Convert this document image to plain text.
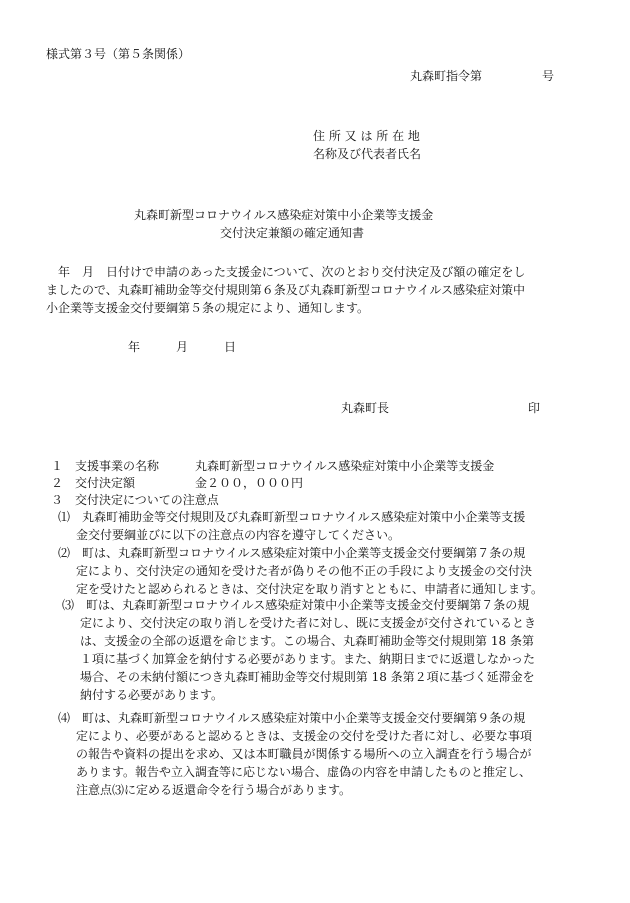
様式第３号（第５条関係）
丸森町指令第　　　　　号
住 所 又 は 所 在 地
名称及び代表者氏名
丸森町新型コロナウイルス感染症対策中小企業等支援金
交付決定兼額の確定通知書
　年　月　日付けで申請のあった支援金について、次のとおり交付決定及び額の確定をし
ましたので、丸森町補助金等交付規則第６条及び丸森町新型コロナウイルス感染症対策中
小企業等支援金交付要綱第５条の規定により、通知します。
年　　　月　　　日
丸森町長	印
１ 支援事業の名称	丸森町新型コロナウイルス感染症対策中小企業等支援金
２ 交付決定額	金２００，０００円
３ 交付決定についての注意点
⑴　丸森町補助金等交付規則及び丸森町新型コロナウイルス感染症対策中小企業等支援
金交付要綱並びに以下の注意点の内容を遵守してください。
⑵　町は、丸森町新型コロナウイルス感染症対策中小企業等支援金交付要綱第７条の規
定により、交付決定の通知を受けた者が偽りその他不正の手段により支援金の交付決
定を受けたと認められるときは、交付決定を取り消すとともに、申請者に通知します。
⑶　町は、丸森町新型コロナウイルス感染症対策中小企業等支援金交付要綱第７条の規
定により、交付決定の取り消しを受けた者に対し、既に支援金が交付されているとき
は、支援金の全部の返還を命じます。この場合、丸森町補助金等交付規則第 18 条第
１項に基づく加算金を納付する必要があります。また、納期日までに返還しなかった
場合、その未納付額につき丸森町補助金等交付規則第 18 条第２項に基づく延滞金を
納付する必要があります。
⑷　町は、丸森町新型コロナウイルス感染症対策中小企業等支援金交付要綱第９条の規
定により、必要があると認めるときは、支援金の交付を受けた者に対し、必要な事項
の報告や資料の提出を求め、又は本町職員が関係する場所への立入調査を行う場合が
あります。報告や立入調査等に応じない場合、虚偽の内容を申請したものと推定し、
注意点⑶に定める返還命令を行う場合があります。
